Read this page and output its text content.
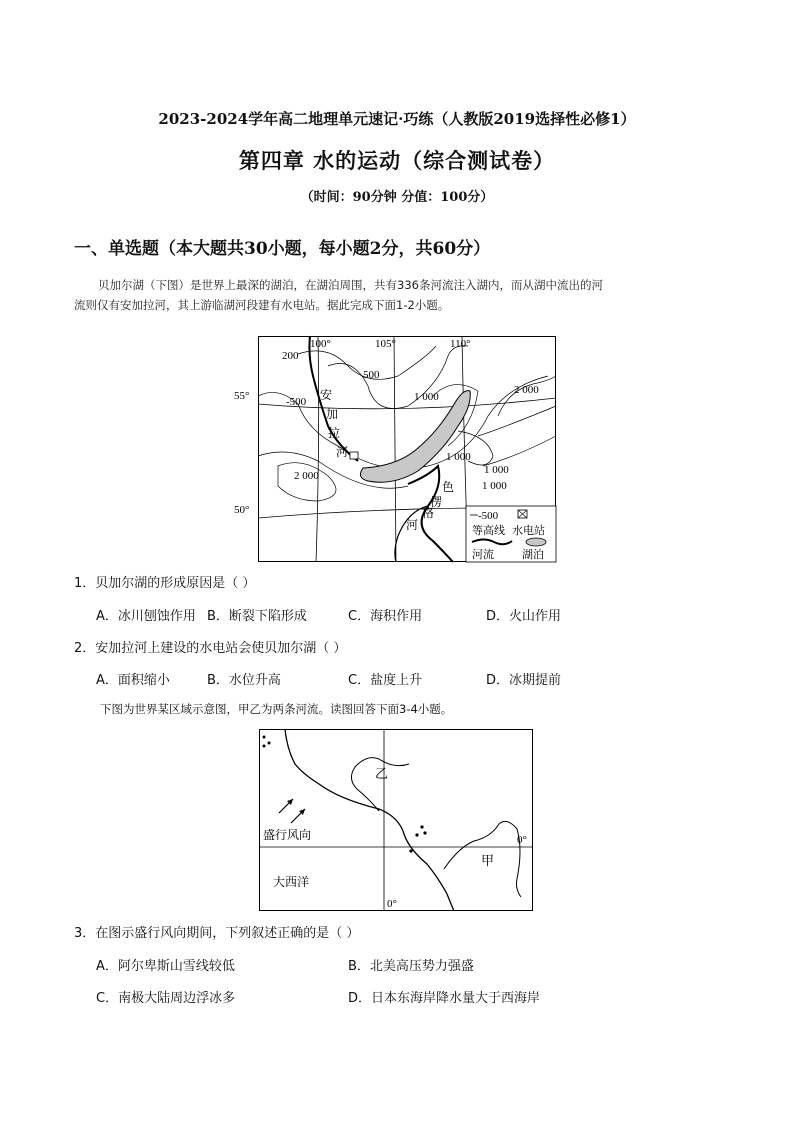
2023-2024学年高二地理单元速记·巧练（人教版2019选择性必修1）
第四章 水的运动（综合测试卷）
（时间：90分钟 分值：100分）
一、单选题（本大题共30小题，每小题2分，共60分）
贝加尔湖（下图）是世界上最深的湖泊，在湖泊周围，共有336条河流注入湖内，而从湖中流出的河
流则仅有安加拉河，其上游临湖河段建有水电站。据此完成下面1-2小题。
100°	105°	110°
55°
50°
200
500
-500	1 000
2 000
2 000
1 000
1 000
1 000
安
加
拉
河
色
楞
格
河
-500
等高线 水电站
河流	湖泊
1．贝加尔湖的形成原因是（ ）
A．冰川刨蚀作用 B．断裂下陷形成	C．海积作用	D．火山作用
2．安加拉河上建设的水电站会使贝加尔湖（ ）
A．面积缩小	B．水位升高	C．盐度上升	D．冰期提前
下图为世界某区域示意图，甲乙为两条河流。读图回答下面3-4小题。
盛行风向
大西洋
乙
甲
0°
0°
3．在图示盛行风向期间，下列叙述正确的是（ ）
A．阿尔卑斯山雪线较低	B．北美高压势力强盛
C．南极大陆周边浮冰多	D．日本东海岸降水量大于西海岸
